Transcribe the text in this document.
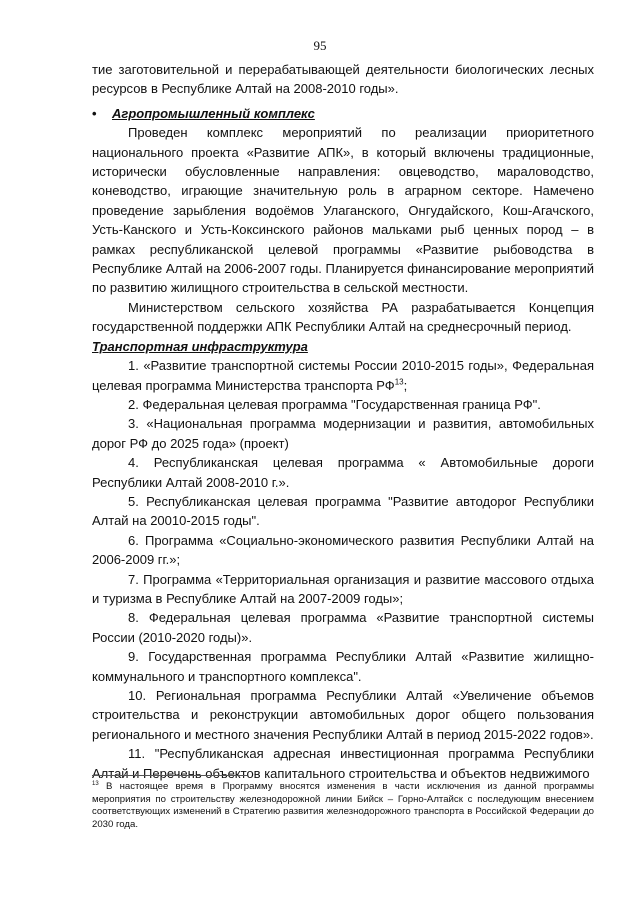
95

тие заготовительной и перерабатывающей деятельности биологических лесных ресурсов в Республике Алтай на 2008-2010 годы».

• Агропромышленный комплекс

Проведен комплекс мероприятий по реализации приоритетного национального проекта «Развитие АПК», в который включены традиционные, исторически обусловленные направления: овцеводство, мараловодство, коневодство, играющие значительную роль в аграрном секторе. Намечено проведение зарыбления водоёмов Улаганского, Онгудайского, Кош-Агачского, Усть-Канского и Усть-Коксинского районов мальками рыб ценных пород – в рамках республиканской целевой программы «Развитие рыбоводства в Республике Алтай на 2006-2007 годы. Планируется финансирование мероприятий по развитию жилищного строительства в сельской местности.

Министерством сельского хозяйства РА разрабатывается Концепция государственной поддержки АПК Республики Алтай на среднесрочный период.

Транспортная инфраструктура

1. «Развитие транспортной системы России 2010-2015 годы», Федеральная целевая программа Министерства транспорта РФ$^{13}$;

2. Федеральная целевая программа "Государственная граница РФ".

3. «Национальная программа модернизации и развития, автомобильных дорог РФ до 2025 года» (проект)

4. Республиканская целевая программа « Автомобильные дороги Республики Алтай 2008-2010 г.».

5. Республиканская целевая программа "Развитие автодорог Республики Алтай на 20010-2015 годы".

6. Программа «Социально-экономического развития Республики Алтай на 2006-2009 гг.»;

7. Программа «Территориальная организация и развитие массового отдыха и туризма в Республике Алтай на 2007-2009 годы»;

8. Федеральная целевая программа «Развитие транспортной системы России (2010-2020 годы)».

9. Государственная программа Республики Алтай «Развитие жилищно-коммунального и транспортного комплекса".

10. Региональная программа Республики Алтай «Увеличение объемов строительства и реконструкции автомобильных дорог общего пользования регионального и местного значения Республики Алтай в период 2015-2022 годов».

11. "Республиканская адресная инвестиционная программа Республики Алтай и Перечень объектов капитального строительства и объектов недвижимого

$^{13}$ В настоящее время в Программу вносятся изменения в части исключения из данной программы мероприятия по строительству железнодорожной линии Бийск – Горно-Алтайск с последующим внесением соответствующих изменений в Стратегию развития железнодорожного транспорта в Российской Федерации до 2030 года.
